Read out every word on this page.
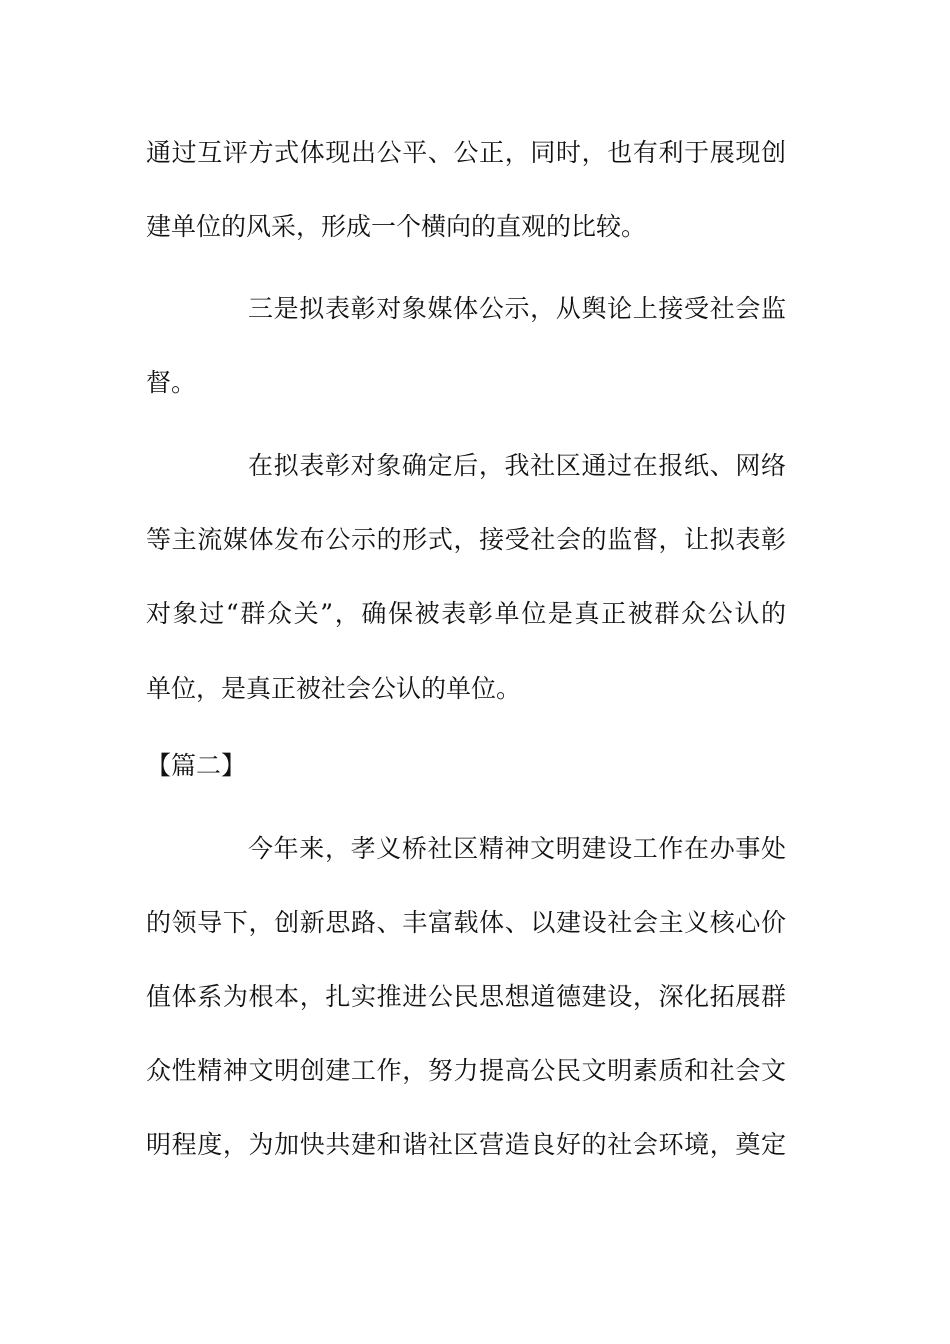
通过互评方式体现出公平、公正，同时，也有利于展现创
建单位的风采，形成一个横向的直观的比较。
三是拟表彰对象媒体公示，从舆论上接受社会监
督。
在拟表彰对象确定后，我社区通过在报纸、网络
等主流媒体发布公示的形式，接受社会的监督，让拟表彰
对象过“群众关”，确保被表彰单位是真正被群众公认的
单位，是真正被社会公认的单位。
【篇二】
今年来，孝义桥社区精神文明建设工作在办事处
的领导下，创新思路、丰富载体、以建设社会主义核心价
值体系为根本，扎实推进公民思想道德建设，深化拓展群
众性精神文明创建工作，努力提高公民文明素质和社会文
明程度，为加快共建和谐社区营造良好的社会环境，奠定
